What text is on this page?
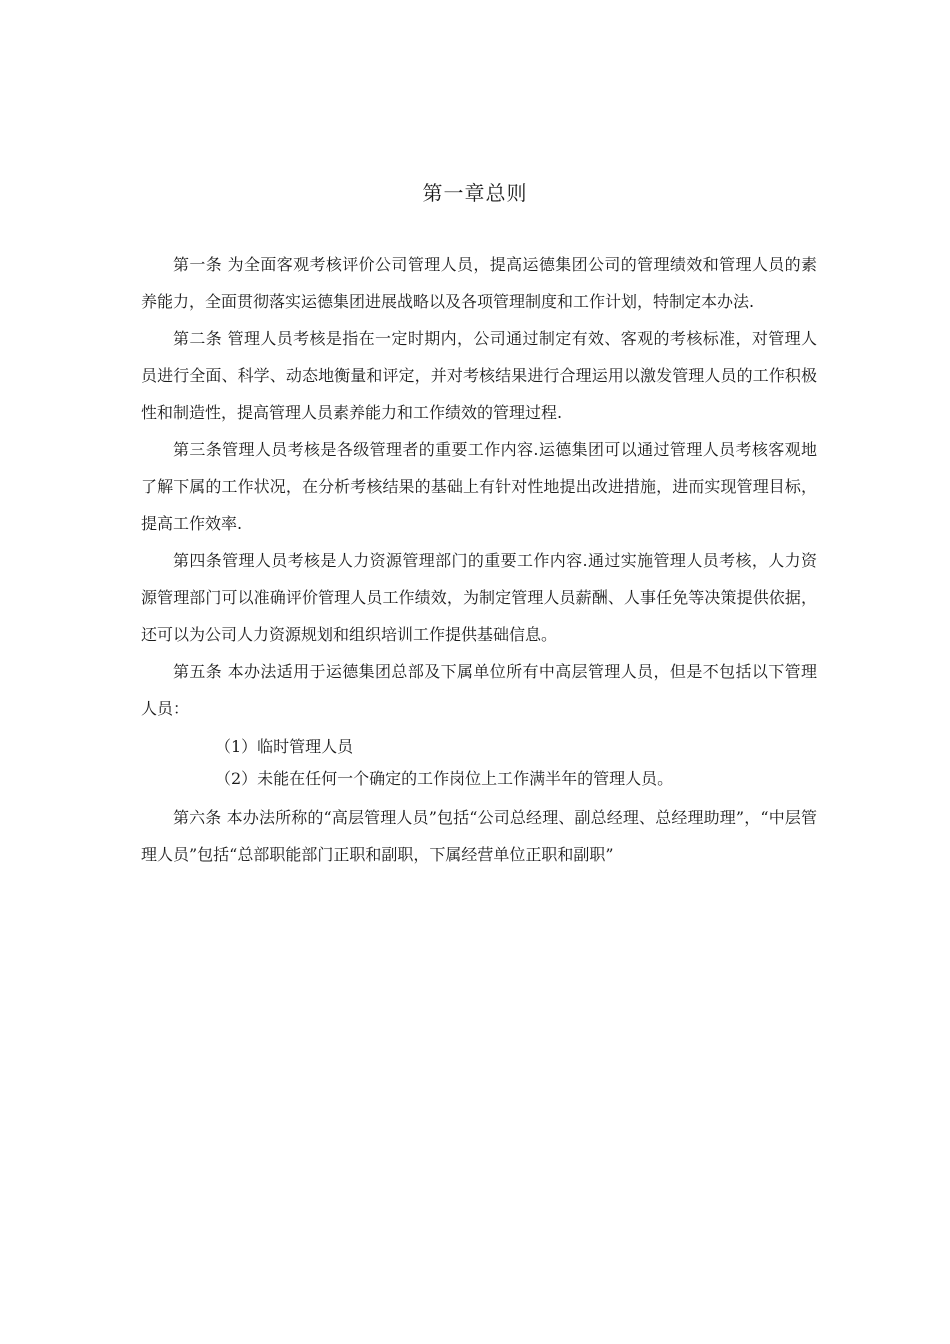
第一章总则

第一条 为全面客观考核评价公司管理人员，提高运德集团公司的管理绩效和管理人员的素养能力，全面贯彻落实运德集团进展战略以及各项管理制度和工作计划，特制定本办法.

第二条 管理人员考核是指在一定时期内，公司通过制定有效、客观的考核标准，对管理人员进行全面、科学、动态地衡量和评定，并对考核结果进行合理运用以激发管理人员的工作积极性和制造性，提高管理人员素养能力和工作绩效的管理过程.

第三条管理人员考核是各级管理者的重要工作内容.运德集团可以通过管理人员考核客观地了解下属的工作状况，在分析考核结果的基础上有针对性地提出改进措施，进而实现管理目标，提高工作效率.

第四条管理人员考核是人力资源管理部门的重要工作内容.通过实施管理人员考核，人力资源管理部门可以准确评价管理人员工作绩效，为制定管理人员薪酬、人事任免等决策提供依据，还可以为公司人力资源规划和组织培训工作提供基础信息。

第五条 本办法适用于运德集团总部及下属单位所有中高层管理人员，但是不包括以下管理人员：

（1）临时管理人员

（2）未能在任何一个确定的工作岗位上工作满半年的管理人员。

第六条 本办法所称的“高层管理人员”包括“公司总经理、副总经理、总经理助理”，“中层管理人员”包括“总部职能部门正职和副职，下属经营单位正职和副职”
